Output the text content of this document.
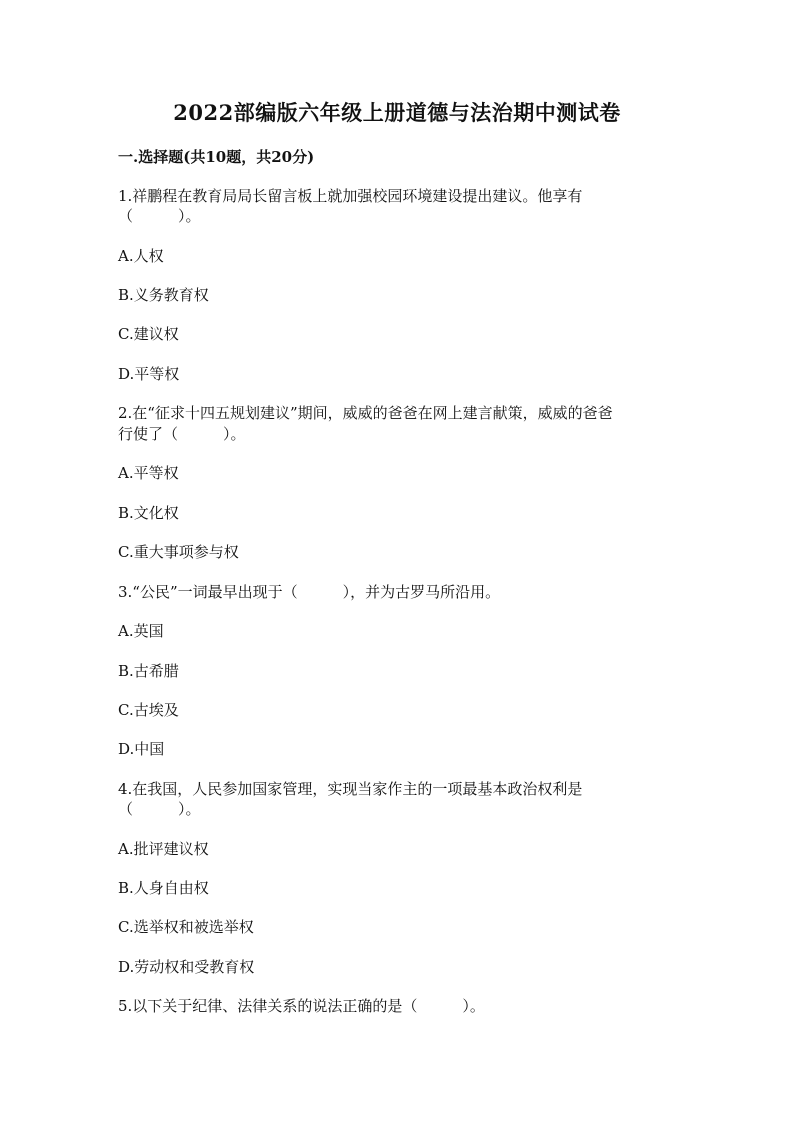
2022部编版六年级上册道德与法治期中测试卷
一.选择题(共10题，共20分)
1.祥鹏程在教育局局长留言板上就加强校园环境建设提出建议。他享有
（　　　）。
A.人权
B.义务教育权
C.建议权
D.平等权
2.在“征求十四五规划建议”期间，威威的爸爸在网上建言献策，威威的爸爸
行使了（　　　）。
A.平等权
B.文化权
C.重大事项参与权
3.“公民”一词最早出现于（　　　），并为古罗马所沿用。
A.英国
B.古希腊
C.古埃及
D.中国
4.在我国，人民参加国家管理，实现当家作主的一项最基本政治权利是
（　　　）。
A.批评建议权
B.人身自由权
C.选举权和被选举权
D.劳动权和受教育权
5.以下关于纪律、法律关系的说法正确的是（　　　）。
